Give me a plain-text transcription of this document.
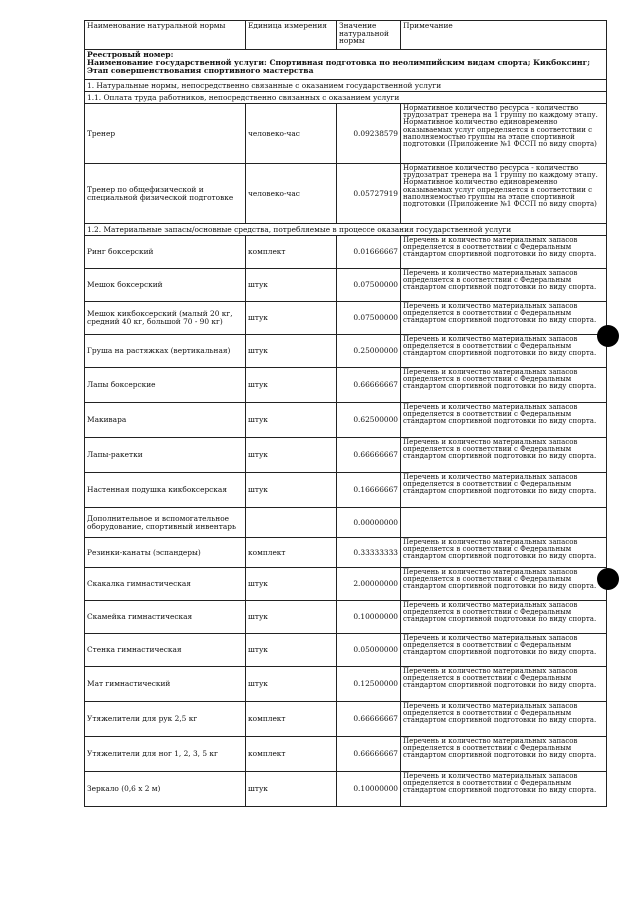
Наименование натуральной нормы	Единица измерения	Значение натуральной нормы	Примечание

Реестровый номер:
Наименование государственной услуги: Спортивная подготовка по неолимпийским видам спорта; Кикбоксинг; Этап совершенствования спортивного мастерства			

1. Натуральные нормы, непосредственно связанные с оказанием государственной услуги			
1.1. Оплата труда работников, непосредственно связанных с оказанием услуги			
Тренер	человеко-час	0.09238579	Нормативное количество ресурса - количество трудозатрат тренера на 1 группу по каждому этапу. Нормативное количество единовременно оказываемых услуг определяется в соответствии с наполняемостью группы на этапе спортивной подготовки (Приложение №1 ФССП по виду спорта)
Тренер по общефизической и специальной физической подготовке	человеко-час	0.05727919	Нормативное количество ресурса - количество трудозатрат тренера на 1 группу по каждому этапу. Нормативное количество единовременно оказываемых услуг определяется в соответствии с наполняемостью группы на этапе спортивной подготовки (Приложение №1 ФССП по виду спорта)
1.2. Материальные запасы/основные средства, потребляемые в процессе оказания государственной услуги			
Ринг боксерский	комплект	0.01666667	Перечень и количество материальных запасов определяется в соответствии с Федеральным стандартом спортивной подготовки по виду спорта.
Мешок боксерский	штук	0.07500000	Перечень и количество материальных запасов определяется в соответствии с Федеральным стандартом спортивной подготовки по виду спорта.
Мешок кикбоксерский (малый 20 кг, средний 40 кг, большой 70 - 90 кг)	штук	0.07500000	Перечень и количество материальных запасов определяется в соответствии с Федеральным стандартом спортивной подготовки по виду спорта.
Груша на растяжках (вертикальная)	штук	0.25000000	Перечень и количество материальных запасов определяется в соответствии с Федеральным стандартом спортивной подготовки по виду спорта.
Лапы боксерские	штук	0.66666667	Перечень и количество материальных запасов определяется в соответствии с Федеральным стандартом спортивной подготовки по виду спорта.
Макивара	штук	0.62500000	Перечень и количество материальных запасов определяется в соответствии с Федеральным стандартом спортивной подготовки по виду спорта.
Лапы-ракетки	штук	0.66666667	Перечень и количество материальных запасов определяется в соответствии с Федеральным стандартом спортивной подготовки по виду спорта.
Настенная подушка кикбоксерская	штук	0.16666667	Перечень и количество материальных запасов определяется в соответствии с Федеральным стандартом спортивной подготовки по виду спорта.
Дополнительное и вспомогательное оборудование, спортивный инвентарь		0.00000000	
Резинки-канаты (эспандеры)	комплект	0.33333333	Перечень и количество материальных запасов определяется в соответствии с Федеральным стандартом спортивной подготовки по виду спорта.
Скакалка гимнастическая	штук	2.00000000	Перечень и количество материальных запасов определяется в соответствии с Федеральным стандартом спортивной подготовки по виду спорта.
Скамейка гимнастическая	штук	0.10000000	Перечень и количество материальных запасов определяется в соответствии с Федеральным стандартом спортивной подготовки по виду спорта.
Стенка гимнастическая	штук	0.05000000	Перечень и количество материальных запасов определяется в соответствии с Федеральным стандартом спортивной подготовки по виду спорта.
Мат гимнастический	штук	0.12500000	Перечень и количество материальных запасов определяется в соответствии с Федеральным стандартом спортивной подготовки по виду спорта.
Утяжелители для рук 2,5 кг	комплект	0.66666667	Перечень и количество материальных запасов определяется в соответствии с Федеральным стандартом спортивной подготовки по виду спорта.
Утяжелители для ног 1, 2, 3, 5 кг	комплект	0.66666667	Перечень и количество материальных запасов определяется в соответствии с Федеральным стандартом спортивной подготовки по виду спорта.
Зеркало (0,6 х 2 м)	штук	0.10000000	Перечень и количество материальных запасов определяется в соответствии с Федеральным стандартом спортивной подготовки по виду спорта.
